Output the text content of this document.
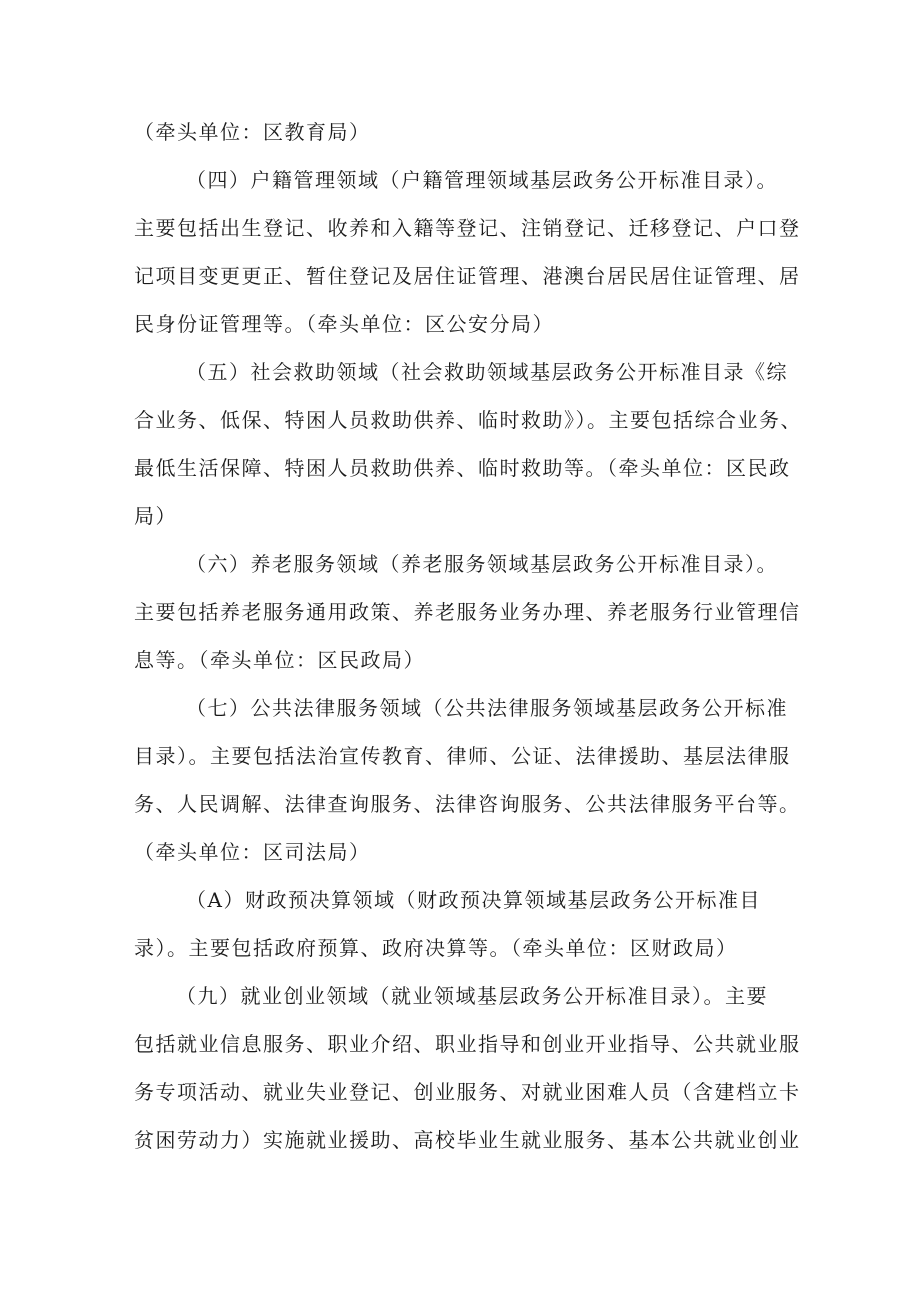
（牵头单位：区教育局）
（四）户籍管理领域（户籍管理领域基层政务公开标准目录）。
主要包括出生登记、收养和入籍等登记、注销登记、迁移登记、户口登
记项目变更更正、暂住登记及居住证管理、港澳台居民居住证管理、居
民身份证管理等。（牵头单位：区公安分局）
（五）社会救助领域（社会救助领域基层政务公开标准目录《综
合业务、低保、特困人员救助供养、临时救助》）。主要包括综合业务、
最低生活保障、特困人员救助供养、临时救助等。（牵头单位：区民政
局）
（六）养老服务领域（养老服务领域基层政务公开标准目录）。
主要包括养老服务通用政策、养老服务业务办理、养老服务行业管理信
息等。（牵头单位：区民政局）
（七）公共法律服务领域（公共法律服务领域基层政务公开标准
目录）。主要包括法治宣传教育、律师、公证、法律援助、基层法律服
务、人民调解、法律查询服务、法律咨询服务、公共法律服务平台等。
（牵头单位：区司法局）
（A）财政预决算领域（财政预决算领域基层政务公开标准目
录）。主要包括政府预算、政府决算等。（牵头单位：区财政局）
（九）就业创业领域（就业领域基层政务公开标准目录）。主要
包括就业信息服务、职业介绍、职业指导和创业开业指导、公共就业服
务专项活动、就业失业登记、创业服务、对就业困难人员（含建档立卡
贫困劳动力）实施就业援助、高校毕业生就业服务、基本公共就业创业
